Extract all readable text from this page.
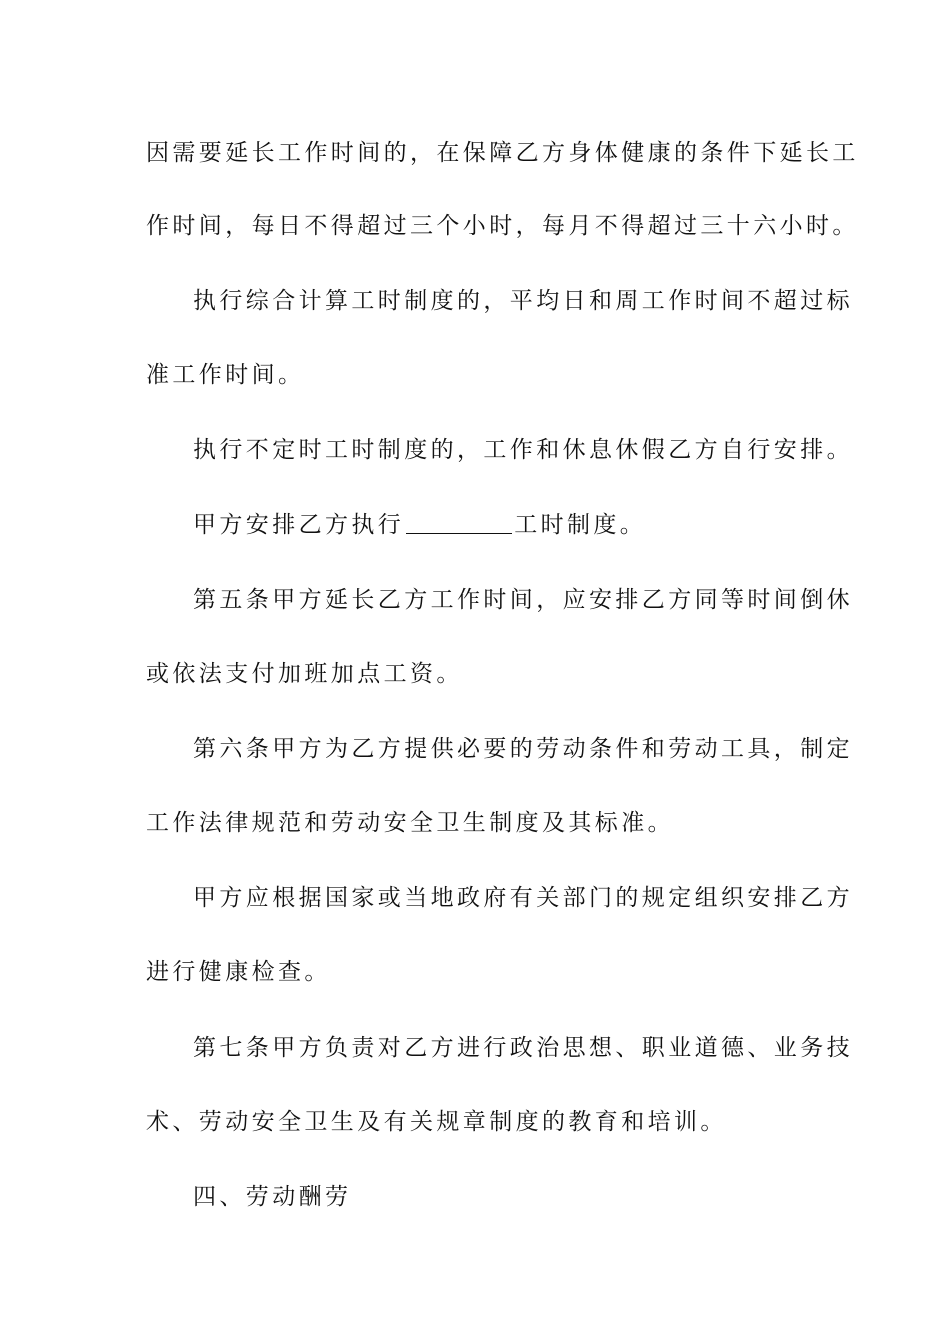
因需要延长工作时间的，在保障乙方身体健康的条件下延长工
作时间，每日不得超过三个小时，每月不得超过三十六小时。
执行综合计算工时制度的，平均日和周工作时间不超过标
准工作时间。
执行不定时工时制度的，工作和休息休假乙方自行安排。
甲方安排乙方执行	工时制度。
第五条甲方延长乙方工作时间，应安排乙方同等时间倒休
或依法支付加班加点工资。
第六条甲方为乙方提供必要的劳动条件和劳动工具，制定
工作法律规范和劳动安全卫生制度及其标准。
甲方应根据国家或当地政府有关部门的规定组织安排乙方
进行健康检查。
第七条甲方负责对乙方进行政治思想、职业道德、业务技
术、劳动安全卫生及有关规章制度的教育和培训。
四、劳动酬劳
